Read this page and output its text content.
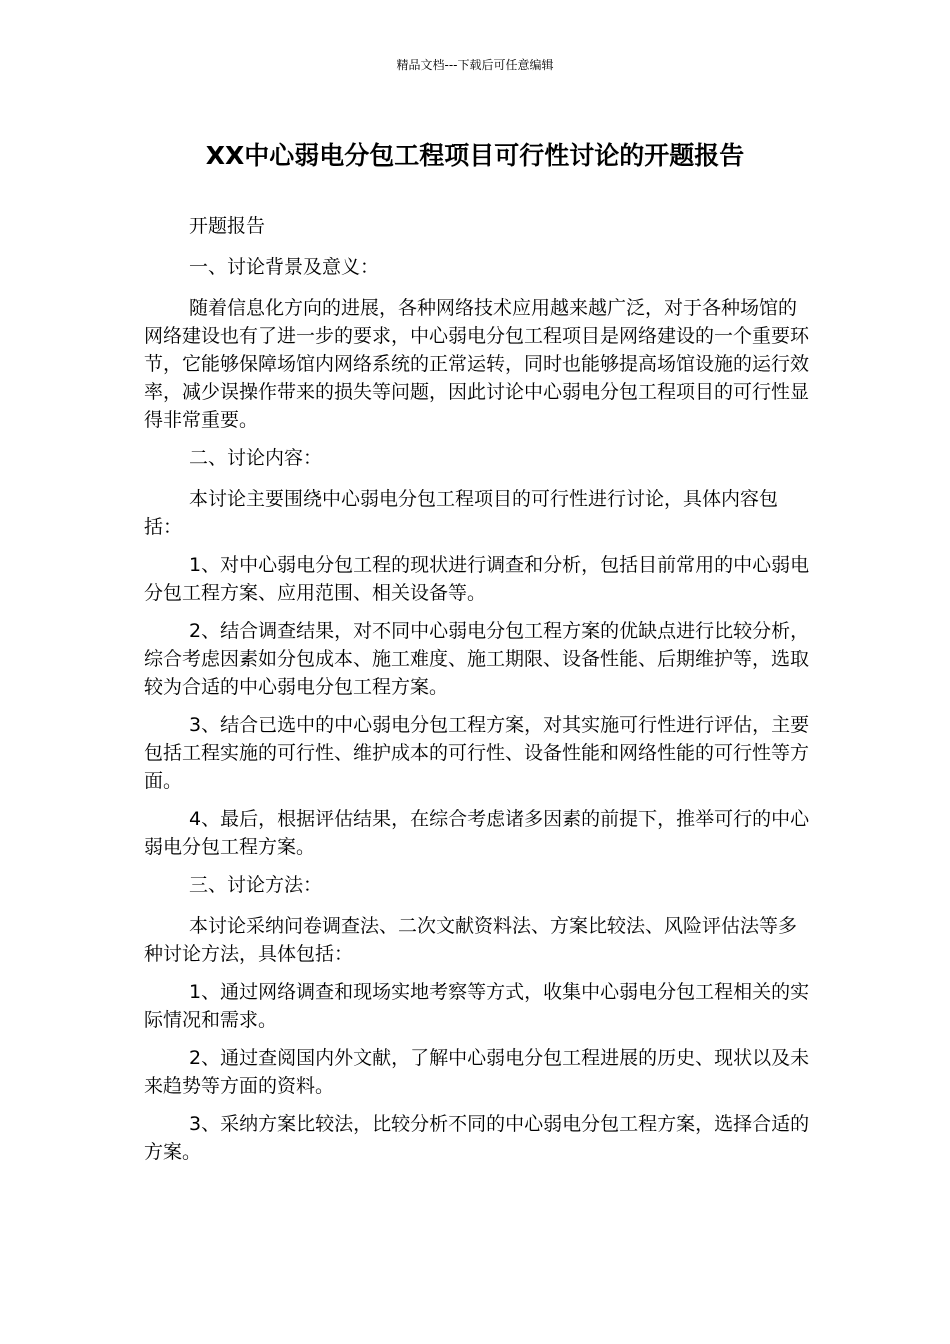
精品文档---下载后可任意编辑
XX中心弱电分包工程项目可行性讨论的开题报告

开题报告

一、讨论背景及意义：

随着信息化方向的进展，各种网络技术应用越来越广泛，对于各种场馆的网络建设也有了进一步的要求，中心弱电分包工程项目是网络建设的一个重要环节，它能够保障场馆内网络系统的正常运转，同时也能够提高场馆设施的运行效率，减少误操作带来的损失等问题，因此讨论中心弱电分包工程项目的可行性显得非常重要。

二、讨论内容：

本讨论主要围绕中心弱电分包工程项目的可行性进行讨论，具体内容包括：

1、对中心弱电分包工程的现状进行调查和分析，包括目前常用的中心弱电分包工程方案、应用范围、相关设备等。

2、结合调查结果，对不同中心弱电分包工程方案的优缺点进行比较分析，综合考虑因素如分包成本、施工难度、施工期限、设备性能、后期维护等，选取较为合适的中心弱电分包工程方案。

3、结合已选中的中心弱电分包工程方案，对其实施可行性进行评估，主要包括工程实施的可行性、维护成本的可行性、设备性能和网络性能的可行性等方面。

4、最后，根据评估结果，在综合考虑诸多因素的前提下，推举可行的中心弱电分包工程方案。

三、讨论方法：

本讨论采纳问卷调查法、二次文献资料法、方案比较法、风险评估法等多种讨论方法，具体包括：

1、通过网络调查和现场实地考察等方式，收集中心弱电分包工程相关的实际情况和需求。

2、通过查阅国内外文献，了解中心弱电分包工程进展的历史、现状以及未来趋势等方面的资料。

3、采纳方案比较法，比较分析不同的中心弱电分包工程方案，选择合适的方案。
